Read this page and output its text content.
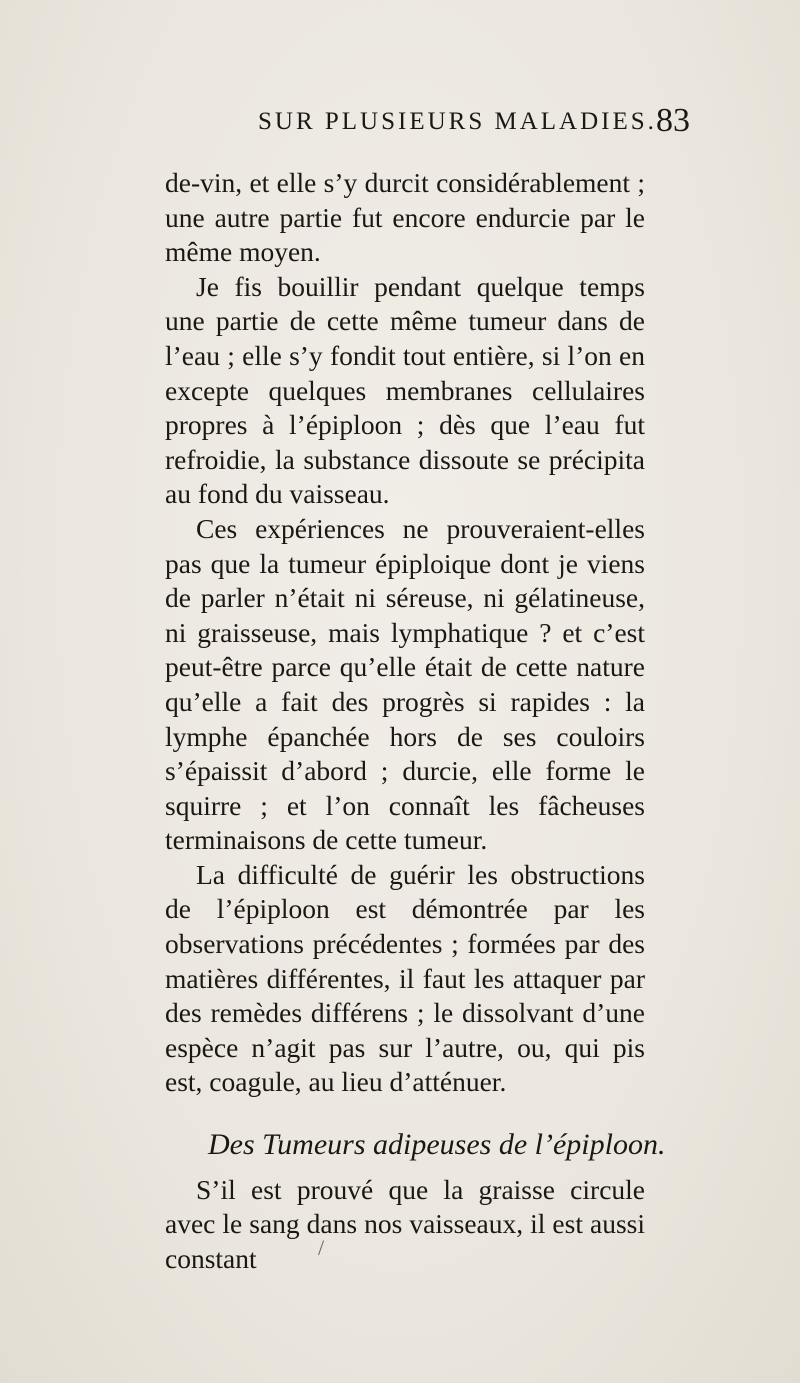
SUR PLUSIEURS MALADIES. 83

de-vin, et elle s’y durcit considérablement ; une autre partie fut encore endurcie par le même moyen.

Je fis bouillir pendant quelque temps une partie de cette même tumeur dans de l’eau ; elle s’y fondit tout entière, si l’on en excepte quelques membranes cellulaires propres à l’épiploon ; dès que l’eau fut refroidie, la substance dissoute se précipita au fond du vaisseau.

Ces expériences ne prouveraient-elles pas que la tumeur épiploique dont je viens de parler n’était ni séreuse, ni gélatineuse, ni graisseuse, mais lymphatique ? et c’est peut-être parce qu’elle était de cette nature qu’elle a fait des progrès si rapides : la lymphe épanchée hors de ses couloirs s’épaissit d’abord ; durcie, elle forme le squirre ; et l’on connaît les fâcheuses terminaisons de cette tumeur.

La difficulté de guérir les obstructions de l’épiploon est démontrée par les observations précédentes ; formées par des matières différentes, il faut les attaquer par des remèdes différens ; le dissolvant d’une espèce n’agit pas sur l’autre, ou, qui pis est, coagule, au lieu d’atténuer.

Des Tumeurs adipeuses de l’épiploon.

S’il est prouvé que la graisse circule avec le sang dans nos vaisseaux, il est aussi constant	/
